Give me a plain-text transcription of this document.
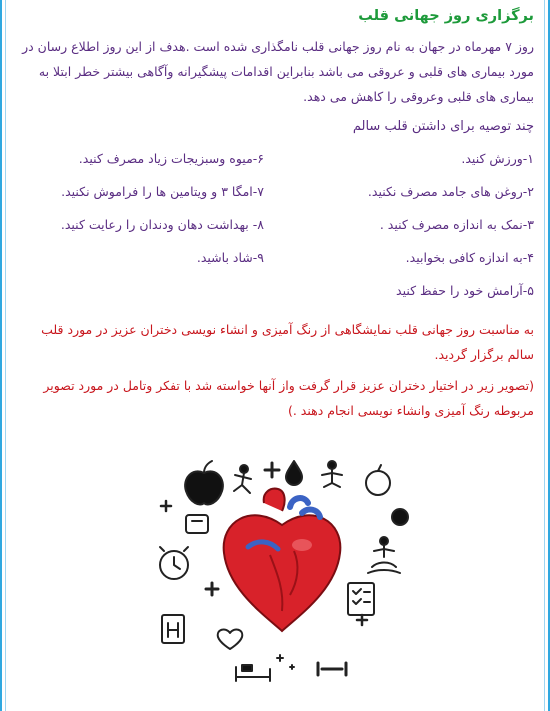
برگزاری روز جهانی قلب

روز ۷ مهرماه در جهان به نام روز جهانی قلب نامگذاری شده است .هدف از این روز اطلاع رسان در مورد بیماری های قلبی و عروقی می باشد بنابراین اقدامات پیشگیرانه وآگاهی بیشتر خطر ابتلا به بیماری های قلبی وعروقی را کاهش می دهد.

چند توصیه برای داشتن قلب سالم
۱-ورزش کنید.
۲-روغن های جامد مصرف نکنید.
۳-نمک به اندازه مصرف کنید .
۴-به اندازه کافی بخوابید.
۵-آرامش خود را حفظ کنید
۶-میوه وسبزیجات زیاد مصرف کنید.
۷-امگا ۳ و ویتامین ها را فراموش نکنید.
۸- بهداشت دهان ودندان را رعایت کنید.
۹-شاد باشید.

به مناسبت روز جهانی قلب نمایشگاهی از رنگ آمیزی و انشاء نویسی دختران عزیز در مورد قلب سالم برگزار گردید.

(تصویر زیر در اختیار دختران عزیز قرار گرفت واز آنها خواسته شد با تفکر وتامل در مورد تصویر مربوطه رنگ آمیزی وانشاء نویسی انجام دهند .)
